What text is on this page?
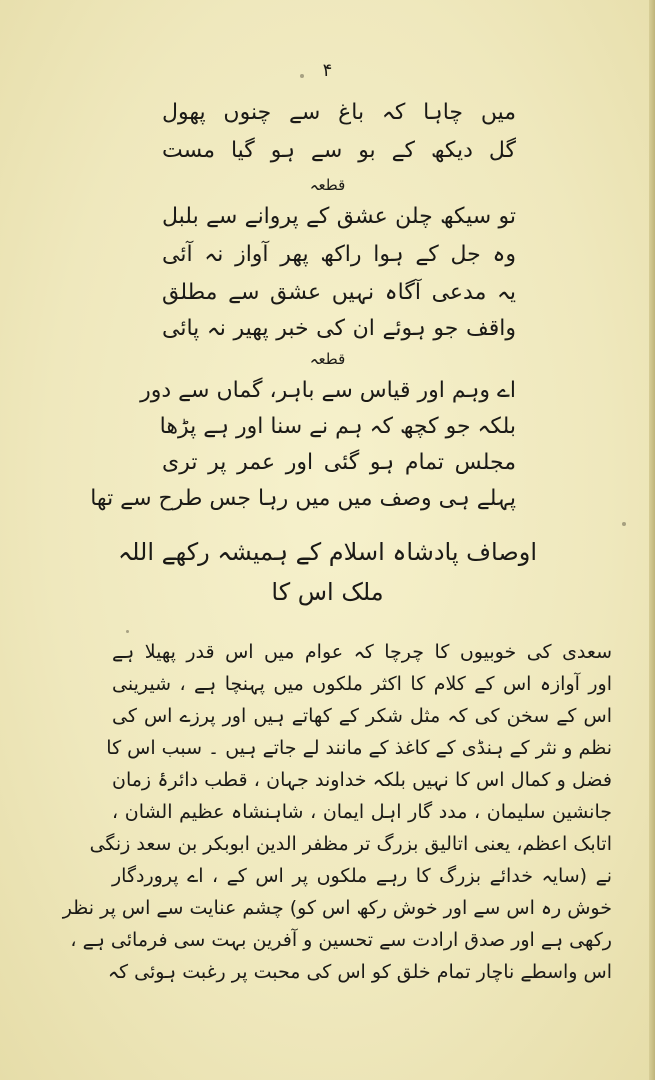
۴
میں چاہا کہ باغ سے چنوں پھول
گل دیکھ کے بو سے ہو گیا مست
قطعہ
تو سیکھ چلن عشق کے پروانے سے بلبل
وہ جل کے ہوا راکھ پھر آواز نہ آئی
یہ مدعی آگاہ نہیں عشق سے مطلق
واقف جو ہوئے ان کی خبر پھیر نہ پائی
قطعہ
اے وہم اور قیاس سے باہر، گماں سے دور
بلکہ جو کچھ کہ ہم نے سنا اور ہے پڑھا
مجلس تمام ہو گئی اور عمر پر تری
پہلے ہی وصف میں میں رہا جس طرح سے تھا
اوصاف پادشاہ اسلام کے ہمیشہ رکھے اللہ
ملک اس کا
سعدی کی خوبیوں کا چرچا کہ عوام میں اس قدر پھیلا ہے
اور آوازہ اس کے کلام کا اکثر ملکوں میں پہنچا ہے ، شیرینی
اس کے سخن کی کہ مثل شکر کے کھاتے ہیں اور پرزے اس کی
نظم و نثر کے ہنڈی کے کاغذ کے مانند لے جاتے ہیں ۔ سبب اس کا
فضل و کمال اس کا نہیں بلکہ خداوند جہان ، قطب دائرۂ زمان
جانشین سلیمان ، مدد گار اہل ایمان ، شاہنشاہ عظیم الشان ،
اتابک اعظم، یعنی اتالیق بزرگ تر مظفر الدین ابوبکر بن سعد زنگی
نے (سایہ خدائے بزرگ کا رہے ملکوں پر اس کے ، اے پروردگار
خوش رہ اس سے اور خوش رکھ اس کو) چشم عنایت سے اس پر نظر
رکھی ہے اور صدق ارادت سے تحسین و آفرین بہت سی فرمائی ہے ،
اس واسطے ناچار تمام خلق کو اس کی محبت پر رغبت ہوئی کہ
